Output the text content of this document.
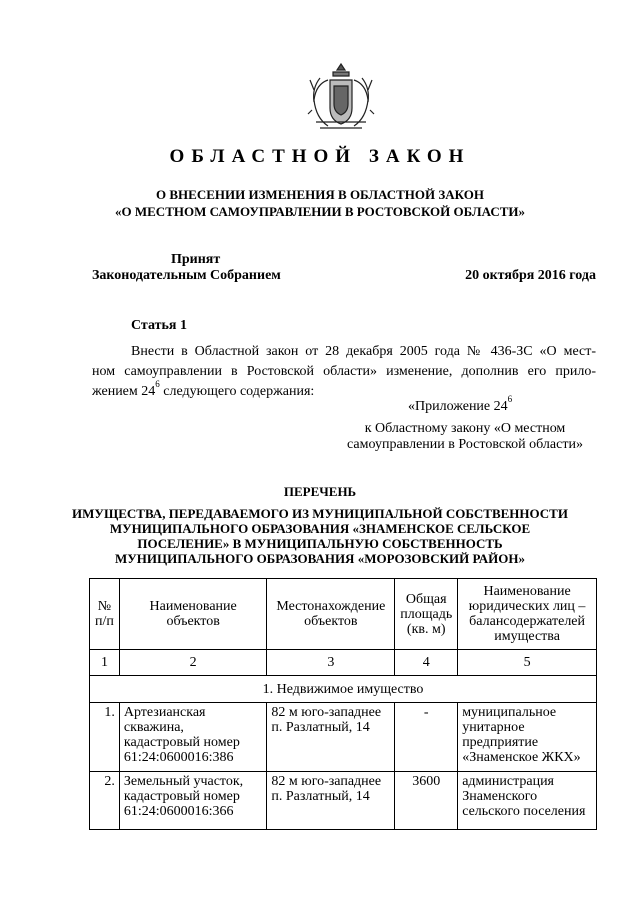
ОБЛАСТНОЙ ЗАКОН
О ВНЕСЕНИИ ИЗМЕНЕНИЯ В ОБЛАСТНОЙ ЗАКОН
«О МЕСТНОМ САМОУПРАВЛЕНИИ В РОСТОВСКОЙ ОБЛАСТИ»
Принят
Законодательным Собранием	20 октября 2016 года
Статья 1
Внести в Областной закон от 28 декабря 2005 года № 436-ЗС «О мест-
ном самоуправлении в Ростовской области» изменение, дополнив его прило-
жением $24^6$ следующего содержания:
«Приложение $24^6$
к Областному закону «О местном
самоуправлении в Ростовской области»
ПЕРЕЧЕНЬ
ИМУЩЕСТВА, ПЕРЕДАВАЕМОГО ИЗ МУНИЦИПАЛЬНОЙ СОБСТВЕННОСТИ
МУНИЦИПАЛЬНОГО ОБРАЗОВАНИЯ «ЗНАМЕНСКОЕ СЕЛЬСКОЕ
ПОСЕЛЕНИЕ» В МУНИЦИПАЛЬНУЮ СОБСТВЕННОСТЬ
МУНИЦИПАЛЬНОГО ОБРАЗОВАНИЯ «МОРОЗОВСКИЙ РАЙОН»
№ п/п	Наименование объектов	Местонахождение объектов	Общая площадь (кв. м)	Наименование юридических лиц – балансодержателей имущества
1	2	3	4	5
1. Недвижимое имущество				
1.	Артезианская скважина, кадастровый номер 61:24:0600016:386	82 м юго-западнее п. Разлатный, 14	-	муниципальное унитарное предприятие «Знаменское ЖКХ»
2.	Земельный участок, кадастровый номер 61:24:0600016:366	82 м юго-западнее п. Разлатный, 14	3600	администрация Знаменского сельского поселения
